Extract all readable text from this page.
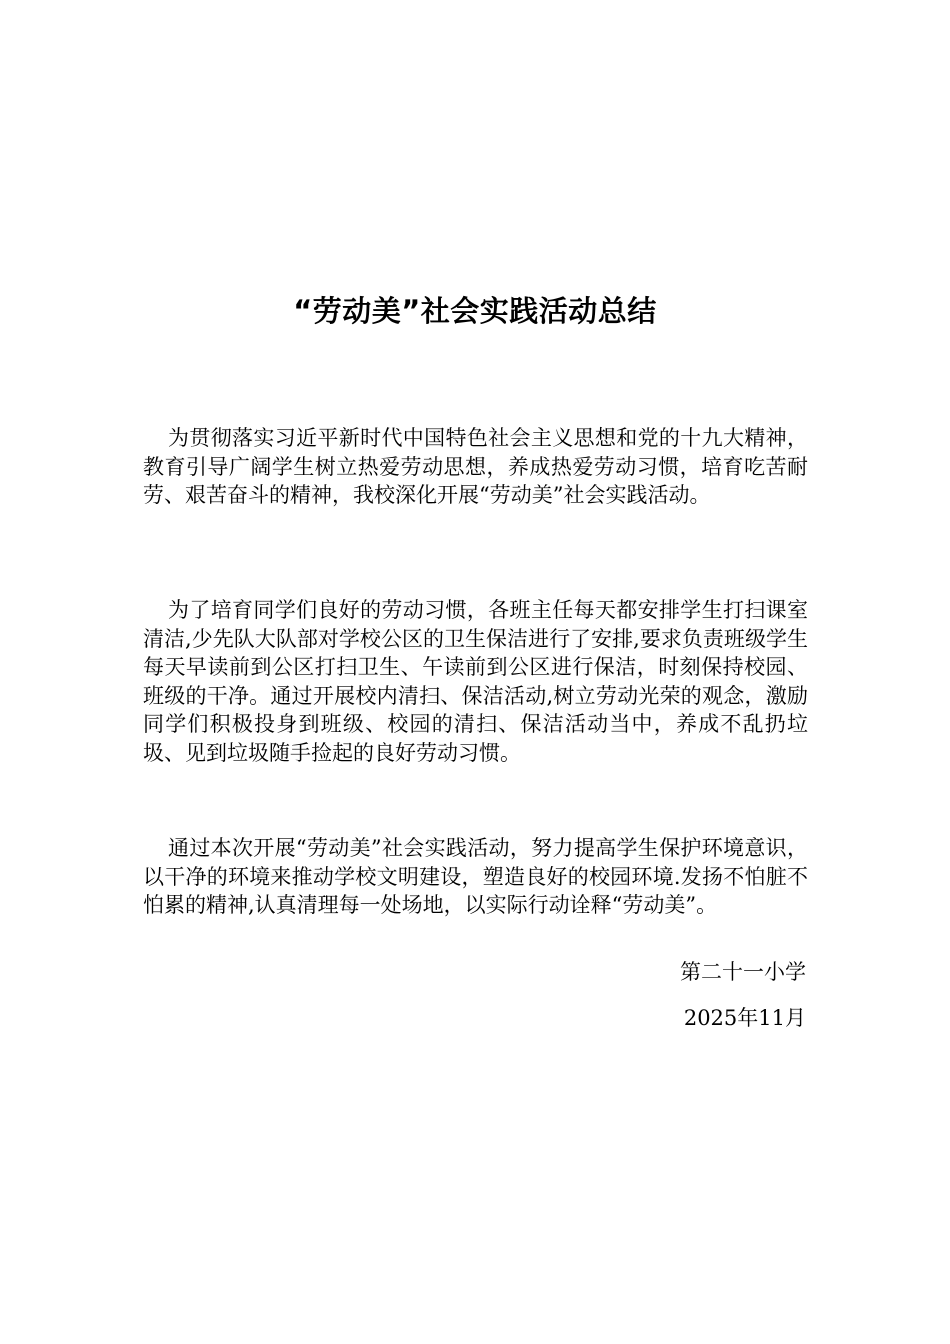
“劳动美”社会实践活动总结

为贯彻落实习近平新时代中国特色社会主义思想和党的十九大精神，教育引导广阔学生树立热爱劳动思想，养成热爱劳动习惯，培育吃苦耐劳、艰苦奋斗的精神，我校深化开展“劳动美”社会实践活动。

为了培育同学们良好的劳动习惯，各班主任每天都安排学生打扫课室清洁,少先队大队部对学校公区的卫生保洁进行了安排,要求负责班级学生每天早读前到公区打扫卫生、午读前到公区进行保洁，时刻保持校园、班级的干净。通过开展校内清扫、保洁活动,树立劳动光荣的观念，激励同学们积极投身到班级、校园的清扫、保洁活动当中，养成不乱扔垃圾、见到垃圾随手捡起的良好劳动习惯。

通过本次开展“劳动美”社会实践活动，努力提高学生保护环境意识，以干净的环境来推动学校文明建设，塑造良好的校园环境.发扬不怕脏不怕累的精神,认真清理每一处场地，以实际行动诠释“劳动美”。

第二十一小学
2025年11月
